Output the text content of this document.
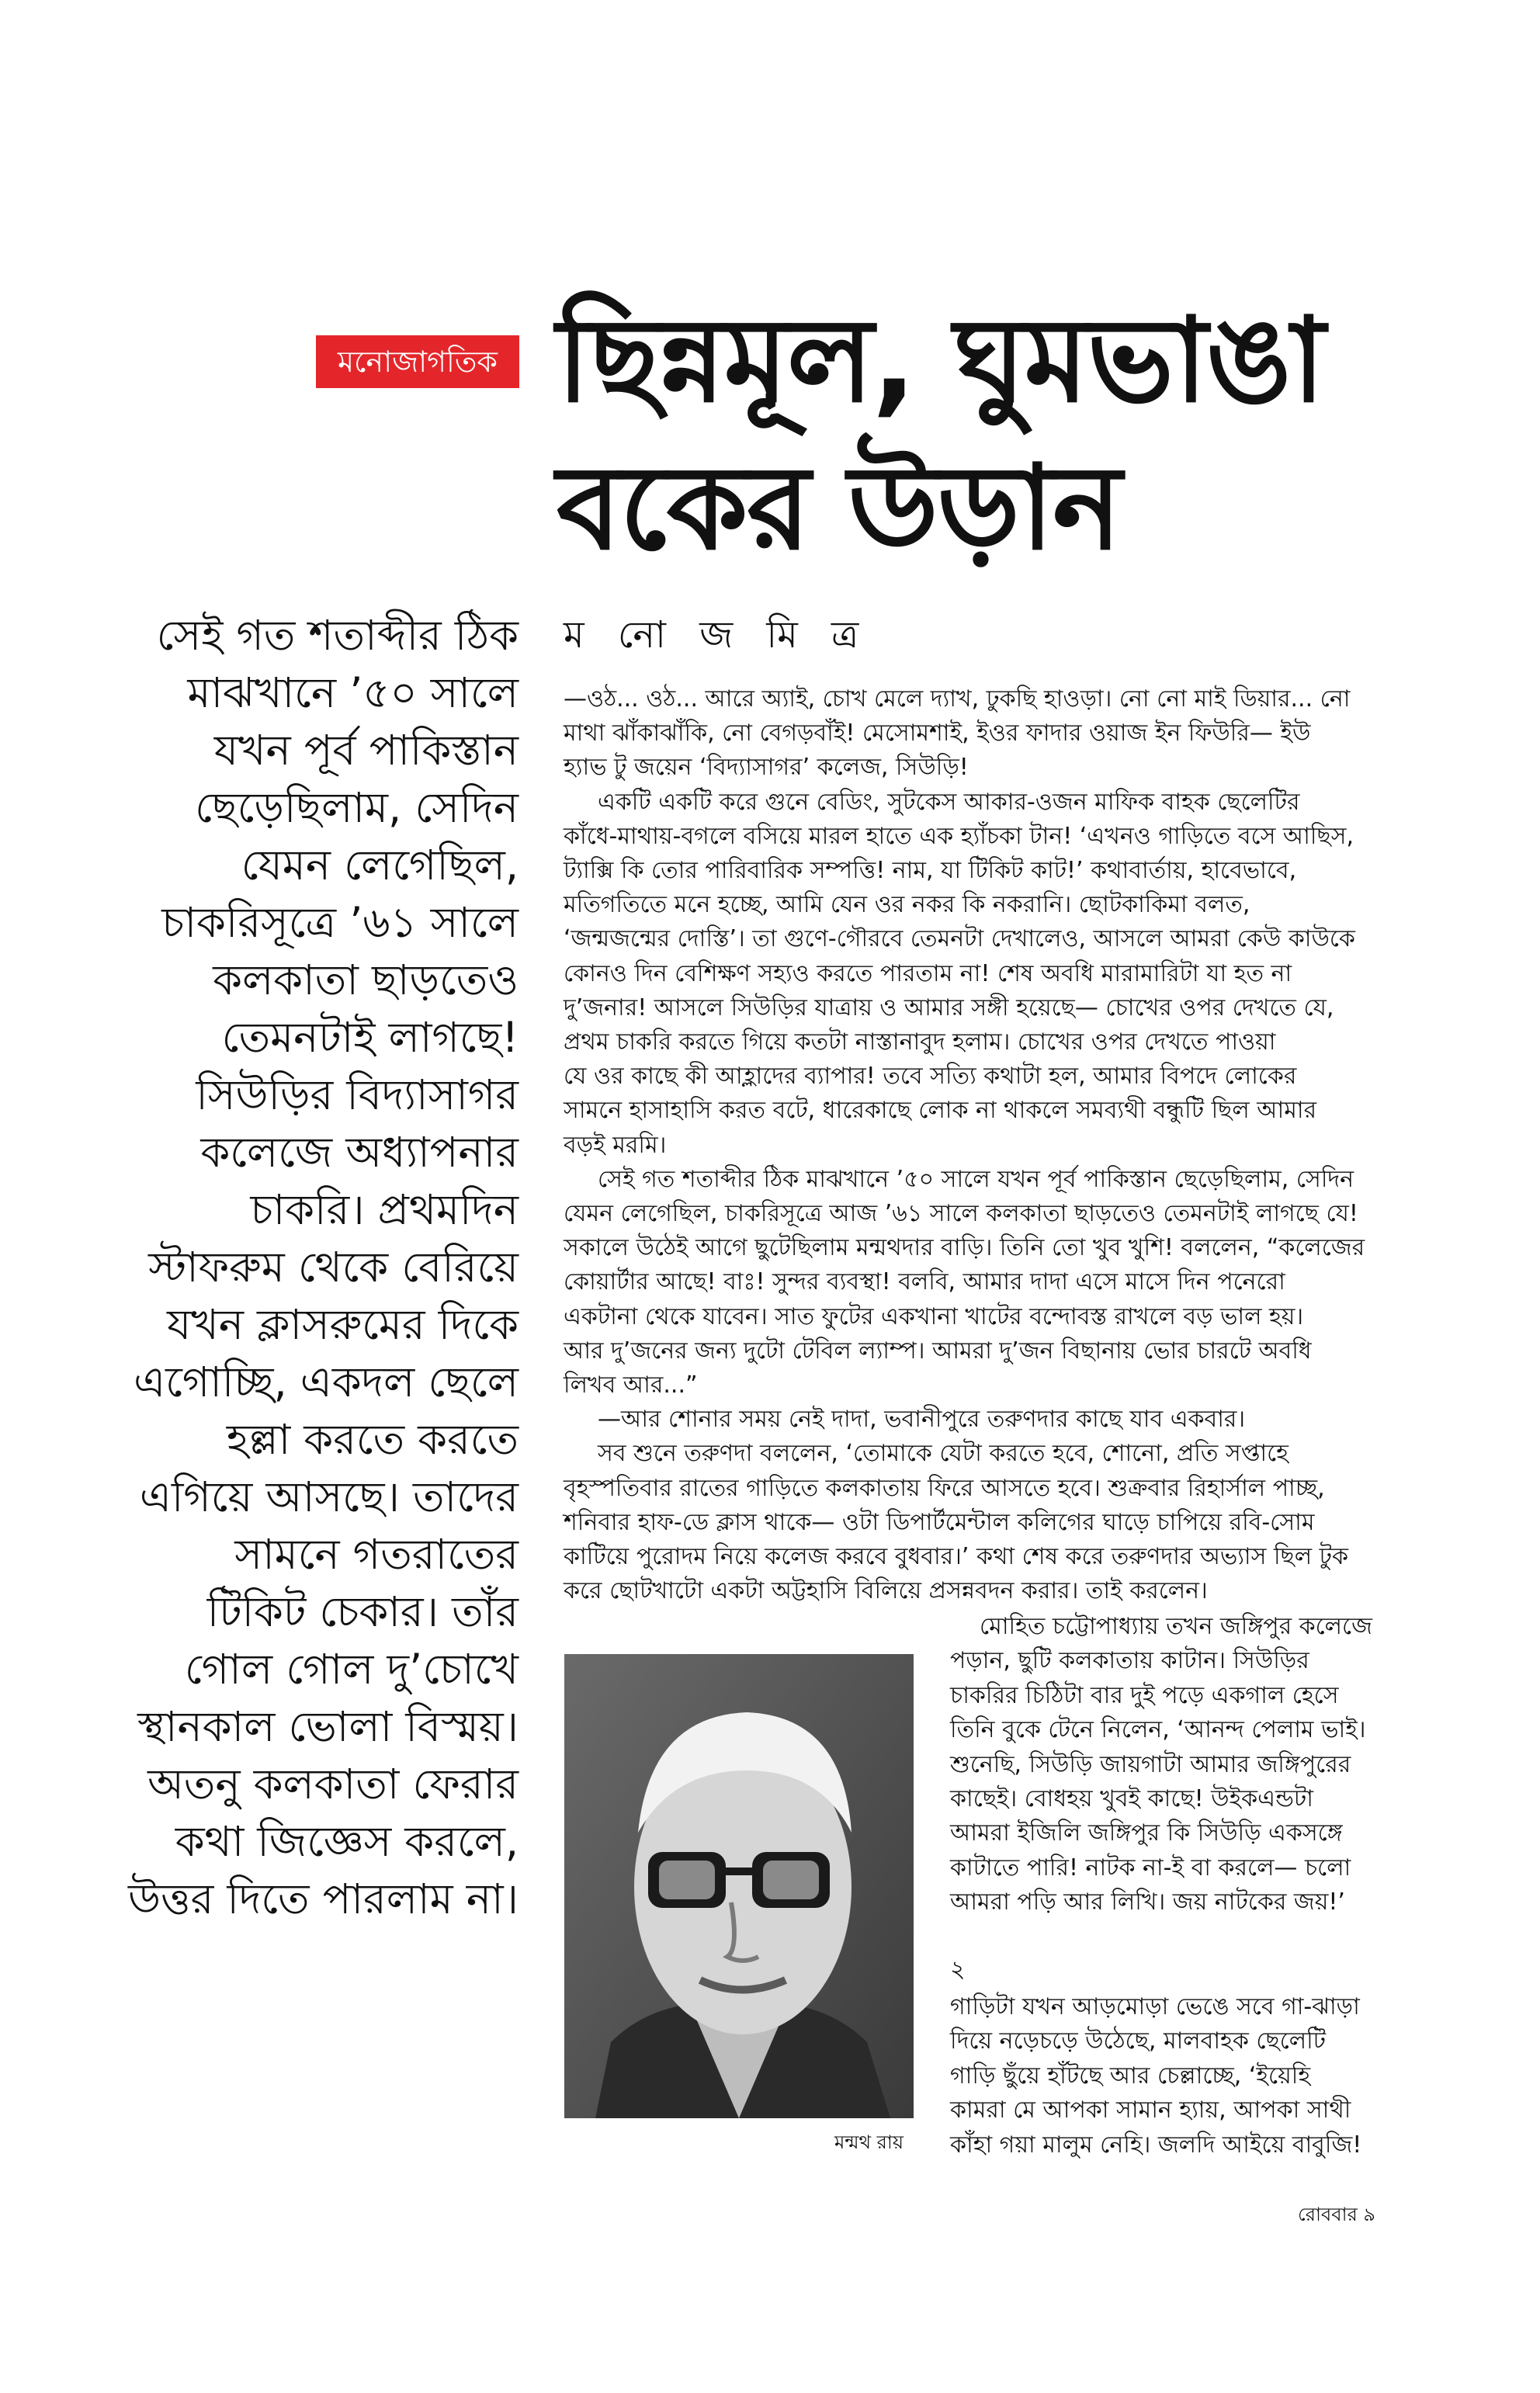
মনোজাগতিক ছিন্নমূল, ঘুমভাঙা
বকের উড়ান
ম নো জ মি ত্র
সেই গত শতাব্দীর ঠিক
মাঝখানে ’৫০ সালে
যখন পূর্ব পাকিস্তান
ছেড়েছিলাম, সেদিন
যেমন লেগেছিল,
চাকরিসূত্রে ’৬১ সালে
কলকাতা ছাড়তেও
তেমনটাই লাগছে!
সিউড়ির বিদ্যাসাগর
কলেজে অধ্যাপনার
চাকরি। প্রথমদিন
স্টাফরুম থেকে বেরিয়ে
যখন ক্লাসরুমের দিকে
এগোচ্ছি, একদল ছেলে
হল্লা করতে করতে
এগিয়ে আসছে। তাদের
সামনে গতরাতের
টিকিট চেকার। তাঁর
গোল গোল দু’চোখে
স্থানকাল ভোলা বিস্ময়।
অতনু কলকাতা ফেরার
কথা জিজ্ঞেস করলে,
উত্তর দিতে পারলাম না।
—ওঠ... ওঠ... আরে অ্যাই, চোখ মেলে দ্যাখ, ঢুকছি হাওড়া। নো নো মাই ডিয়ার... নো
মাথা ঝাঁকাঝাঁকি, নো বেগড়বাঁই! মেসোমশাই, ইওর ফাদার ওয়াজ ইন ফিউরি— ইউ
হ্যাভ টু জয়েন ‘বিদ্যাসাগর’ কলেজ, সিউড়ি!
একটি একটি করে গুনে বেডিং, সুটকেস আকার-ওজন মাফিক বাহক ছেলেটির
কাঁধে-মাথায়-বগলে বসিয়ে মারল হাতে এক হ্যাঁচকা টান! ‘এখনও গাড়িতে বসে আছিস,
ট্যাক্সি কি তোর পারিবারিক সম্পত্তি! নাম, যা টিকিট কাট!’ কথাবার্তায়, হাবেভাবে,
মতিগতিতে মনে হচ্ছে, আমি যেন ওর নকর কি নকরানি। ছোটকাকিমা বলত,
‘জন্মজন্মের দোস্তি’। তা গুণে-গৌরবে তেমনটা দেখালেও, আসলে আমরা কেউ কাউকে
কোনও দিন বেশিক্ষণ সহ্যও করতে পারতাম না! শেষ অবধি মারামারিটা যা হত না
দু’জনার! আসলে সিউড়ির যাত্রায় ও আমার সঙ্গী হয়েছে— চোখের ওপর দেখতে যে,
প্রথম চাকরি করতে গিয়ে কতটা নাস্তানাবুদ হলাম। চোখের ওপর দেখতে পাওয়া
যে ওর কাছে কী আহ্লাদের ব্যাপার! তবে সত্যি কথাটা হল, আমার বিপদে লোকের
সামনে হাসাহাসি করত বটে, ধারেকাছে লোক না থাকলে সমব্যথী বন্ধুটি ছিল আমার
বড়ই মরমি।
সেই গত শতাব্দীর ঠিক মাঝখানে ’৫০ সালে যখন পূর্ব পাকিস্তান ছেড়েছিলাম, সেদিন
যেমন লেগেছিল, চাকরিসূত্রে আজ ’৬১ সালে কলকাতা ছাড়তেও তেমনটাই লাগছে যে!
সকালে উঠেই আগে ছুটেছিলাম মন্মথদার বাড়ি। তিনি তো খুব খুশি! বললেন, “কলেজের
কোয়ার্টার আছে! বাঃ! সুন্দর ব্যবস্থা! বলবি, আমার দাদা এসে মাসে দিন পনেরো
একটানা থেকে যাবেন। সাত ফুটের একখানা খাটের বন্দোবস্ত রাখলে বড় ভাল হয়।
আর দু’জনের জন্য দুটো টেবিল ল্যাম্প। আমরা দু’জন বিছানায় ভোর চারটে অবধি
লিখব আর...”
—আর শোনার সময় নেই দাদা, ভবানীপুরে তরুণদার কাছে যাব একবার।
সব শুনে তরুণদা বললেন, ‘তোমাকে যেটা করতে হবে, শোনো, প্রতি সপ্তাহে
বৃহস্পতিবার রাতের গাড়িতে কলকাতায় ফিরে আসতে হবে। শুক্রবার রিহার্সাল পাচ্ছ,
শনিবার হাফ-ডে ক্লাস থাকে— ওটা ডিপার্টমেন্টাল কলিগের ঘাড়ে চাপিয়ে রবি-সোম
কাটিয়ে পুরোদম নিয়ে কলেজ করবে বুধবার।’ কথা শেষ করে তরুণদার অভ্যাস ছিল টুক
করে ছোটখাটো একটা অট্টহাসি বিলিয়ে প্রসন্নবদন করার। তাই করলেন।
মোহিত চট্টোপাধ্যায় তখন জঙ্গিপুর কলেজে
পড়ান, ছুটি কলকাতায় কাটান। সিউড়ির
চাকরির চিঠিটা বার দুই পড়ে একগাল হেসে
তিনি বুকে টেনে নিলেন, ‘আনন্দ পেলাম ভাই।
শুনেছি, সিউড়ি জায়গাটা আমার জঙ্গিপুরের
কাছেই। বোধহয় খুবই কাছে! উইকএন্ডটা
আমরা ইজিলি জঙ্গিপুর কি সিউড়ি একসঙ্গে
কাটাতে পারি! নাটক না-ই বা করলে— চলো
আমরা পড়ি আর লিখি। জয় নাটকের জয়!’
২
গাড়িটা যখন আড়মোড়া ভেঙে সবে গা-ঝাড়া
দিয়ে নড়েচড়ে উঠেছে, মালবাহক ছেলেটি
গাড়ি ছুঁয়ে হাঁটছে আর চেল্লাচ্ছে, ‘ইয়েহি
কামরা মে আপকা সামান হ্যায়, আপকা সাথী
কাঁহা গয়া মালুম নেহি। জলদি আইয়ে বাবুজি!
মন্মথ রায়
রোববার ৯
